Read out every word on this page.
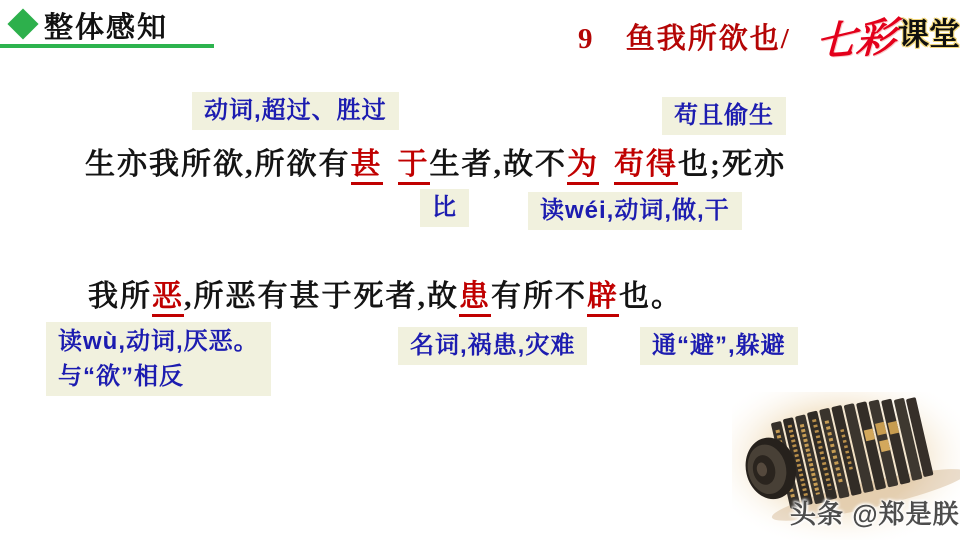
整体感知	9 鱼我所欲也/ 七彩课堂
动词,超过、胜过	苟且偷生
生亦我所欲,所欲有甚 于生者,故不为 苟得也;死亦
比	读wéi,动词,做,干
我所恶,所恶有甚于死者,故患有所不辟也。
读wù,动词,厌恶。
与“欲”相反
名词,祸患,灾难	通“避”,躲避
头条 @郑是朕
